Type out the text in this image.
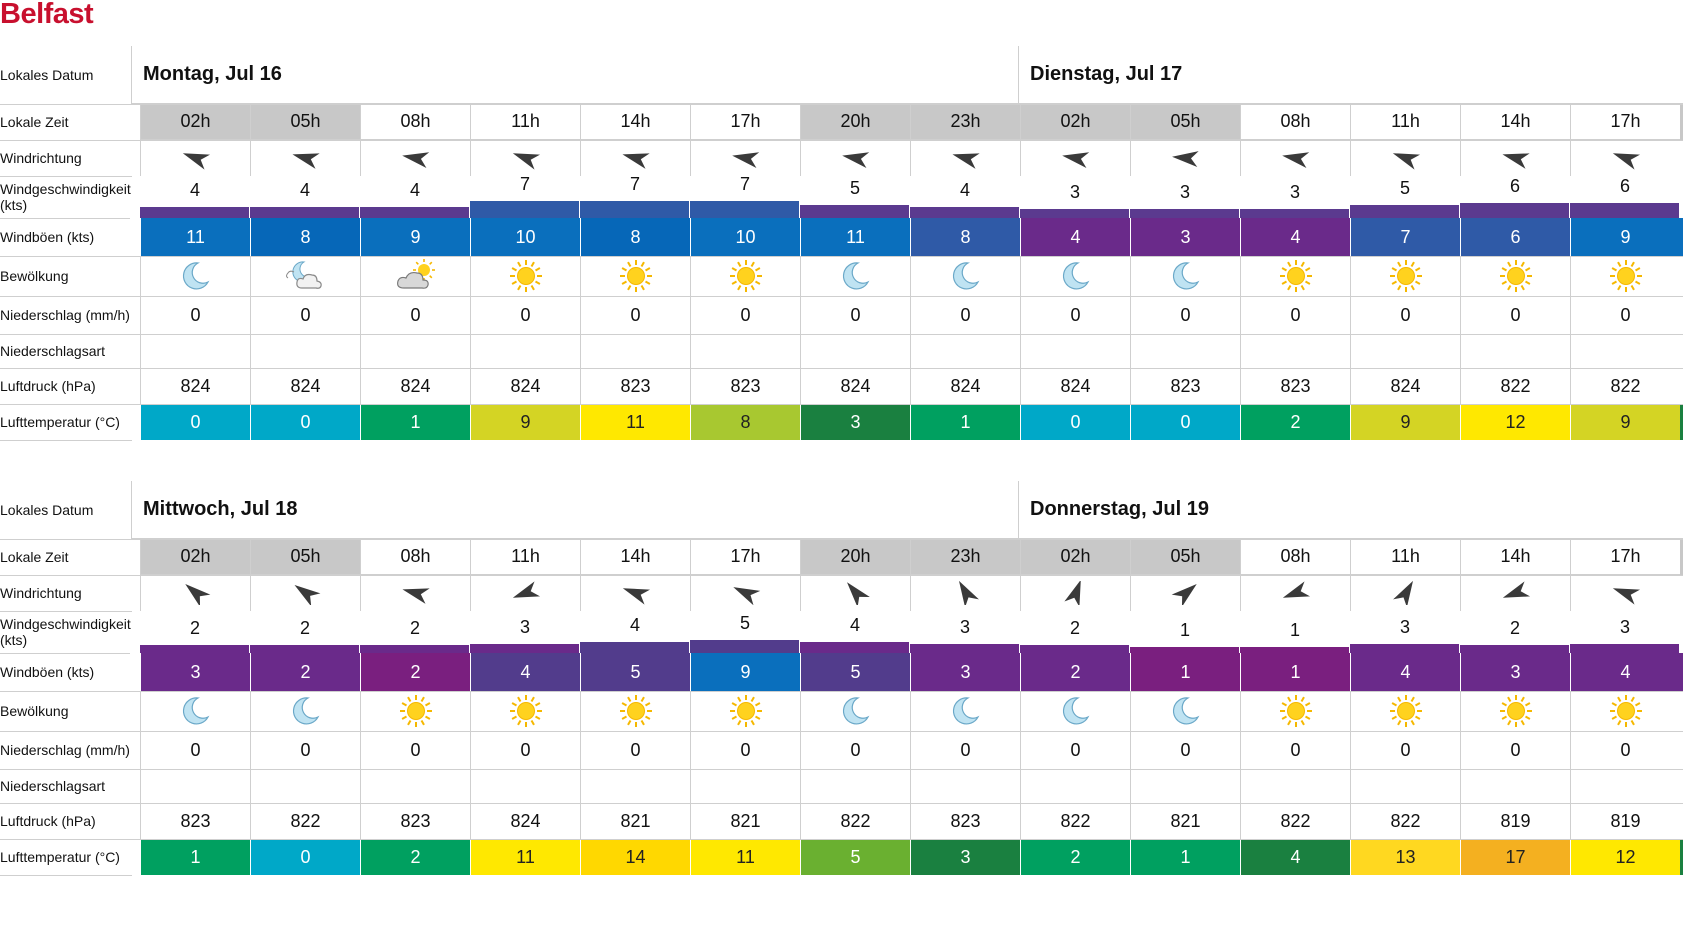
Belfast
Lokales Datum
Lokale Zeit
Windrichtung
Windgeschwindigkeit (kts)
Windböen (kts)
Bewölkung
Niederschlag (mm/h)
Niederschlagsart
Luftdruck (hPa)
Lufttemperatur (°C)
Montag, Jul 16	Dienstag, Jul 17
02h
4
11
0
824
0
05h
4
8
0
824
0
08h
4
9
0
824
1
11h
7
10
0
824
9
14h
7
8
0
823
11
17h
7
10
0
823
8
20h
5
11
0
824
3
23h
4
8
0
824
1
02h
3
4
0
824
0
05h
3
3
0
823
0
08h
3
4
0
823
2
11h
5
7
0
824
9
14h
6
6
0
822
12
17h
6
9
0
822
9
Lokales Datum
Lokale Zeit
Windrichtung
Windgeschwindigkeit (kts)
Windböen (kts)
Bewölkung
Niederschlag (mm/h)
Niederschlagsart
Luftdruck (hPa)
Lufttemperatur (°C)
Mittwoch, Jul 18	Donnerstag, Jul 19
02h
2
3
0
823
1
05h
2
2
0
822
0
08h
2
2
0
823
2
11h
3
4
0
824
11
14h
4
5
0
821
14
17h
5
9
0
821
11
20h
4
5
0
822
5
23h
3
3
0
823
3
02h
2
2
0
822
2
05h
1
1
0
821
1
08h
1
1
0
822
4
11h
3
4
0
822
13
14h
2
3
0
819
17
17h
3
4
0
819
12
